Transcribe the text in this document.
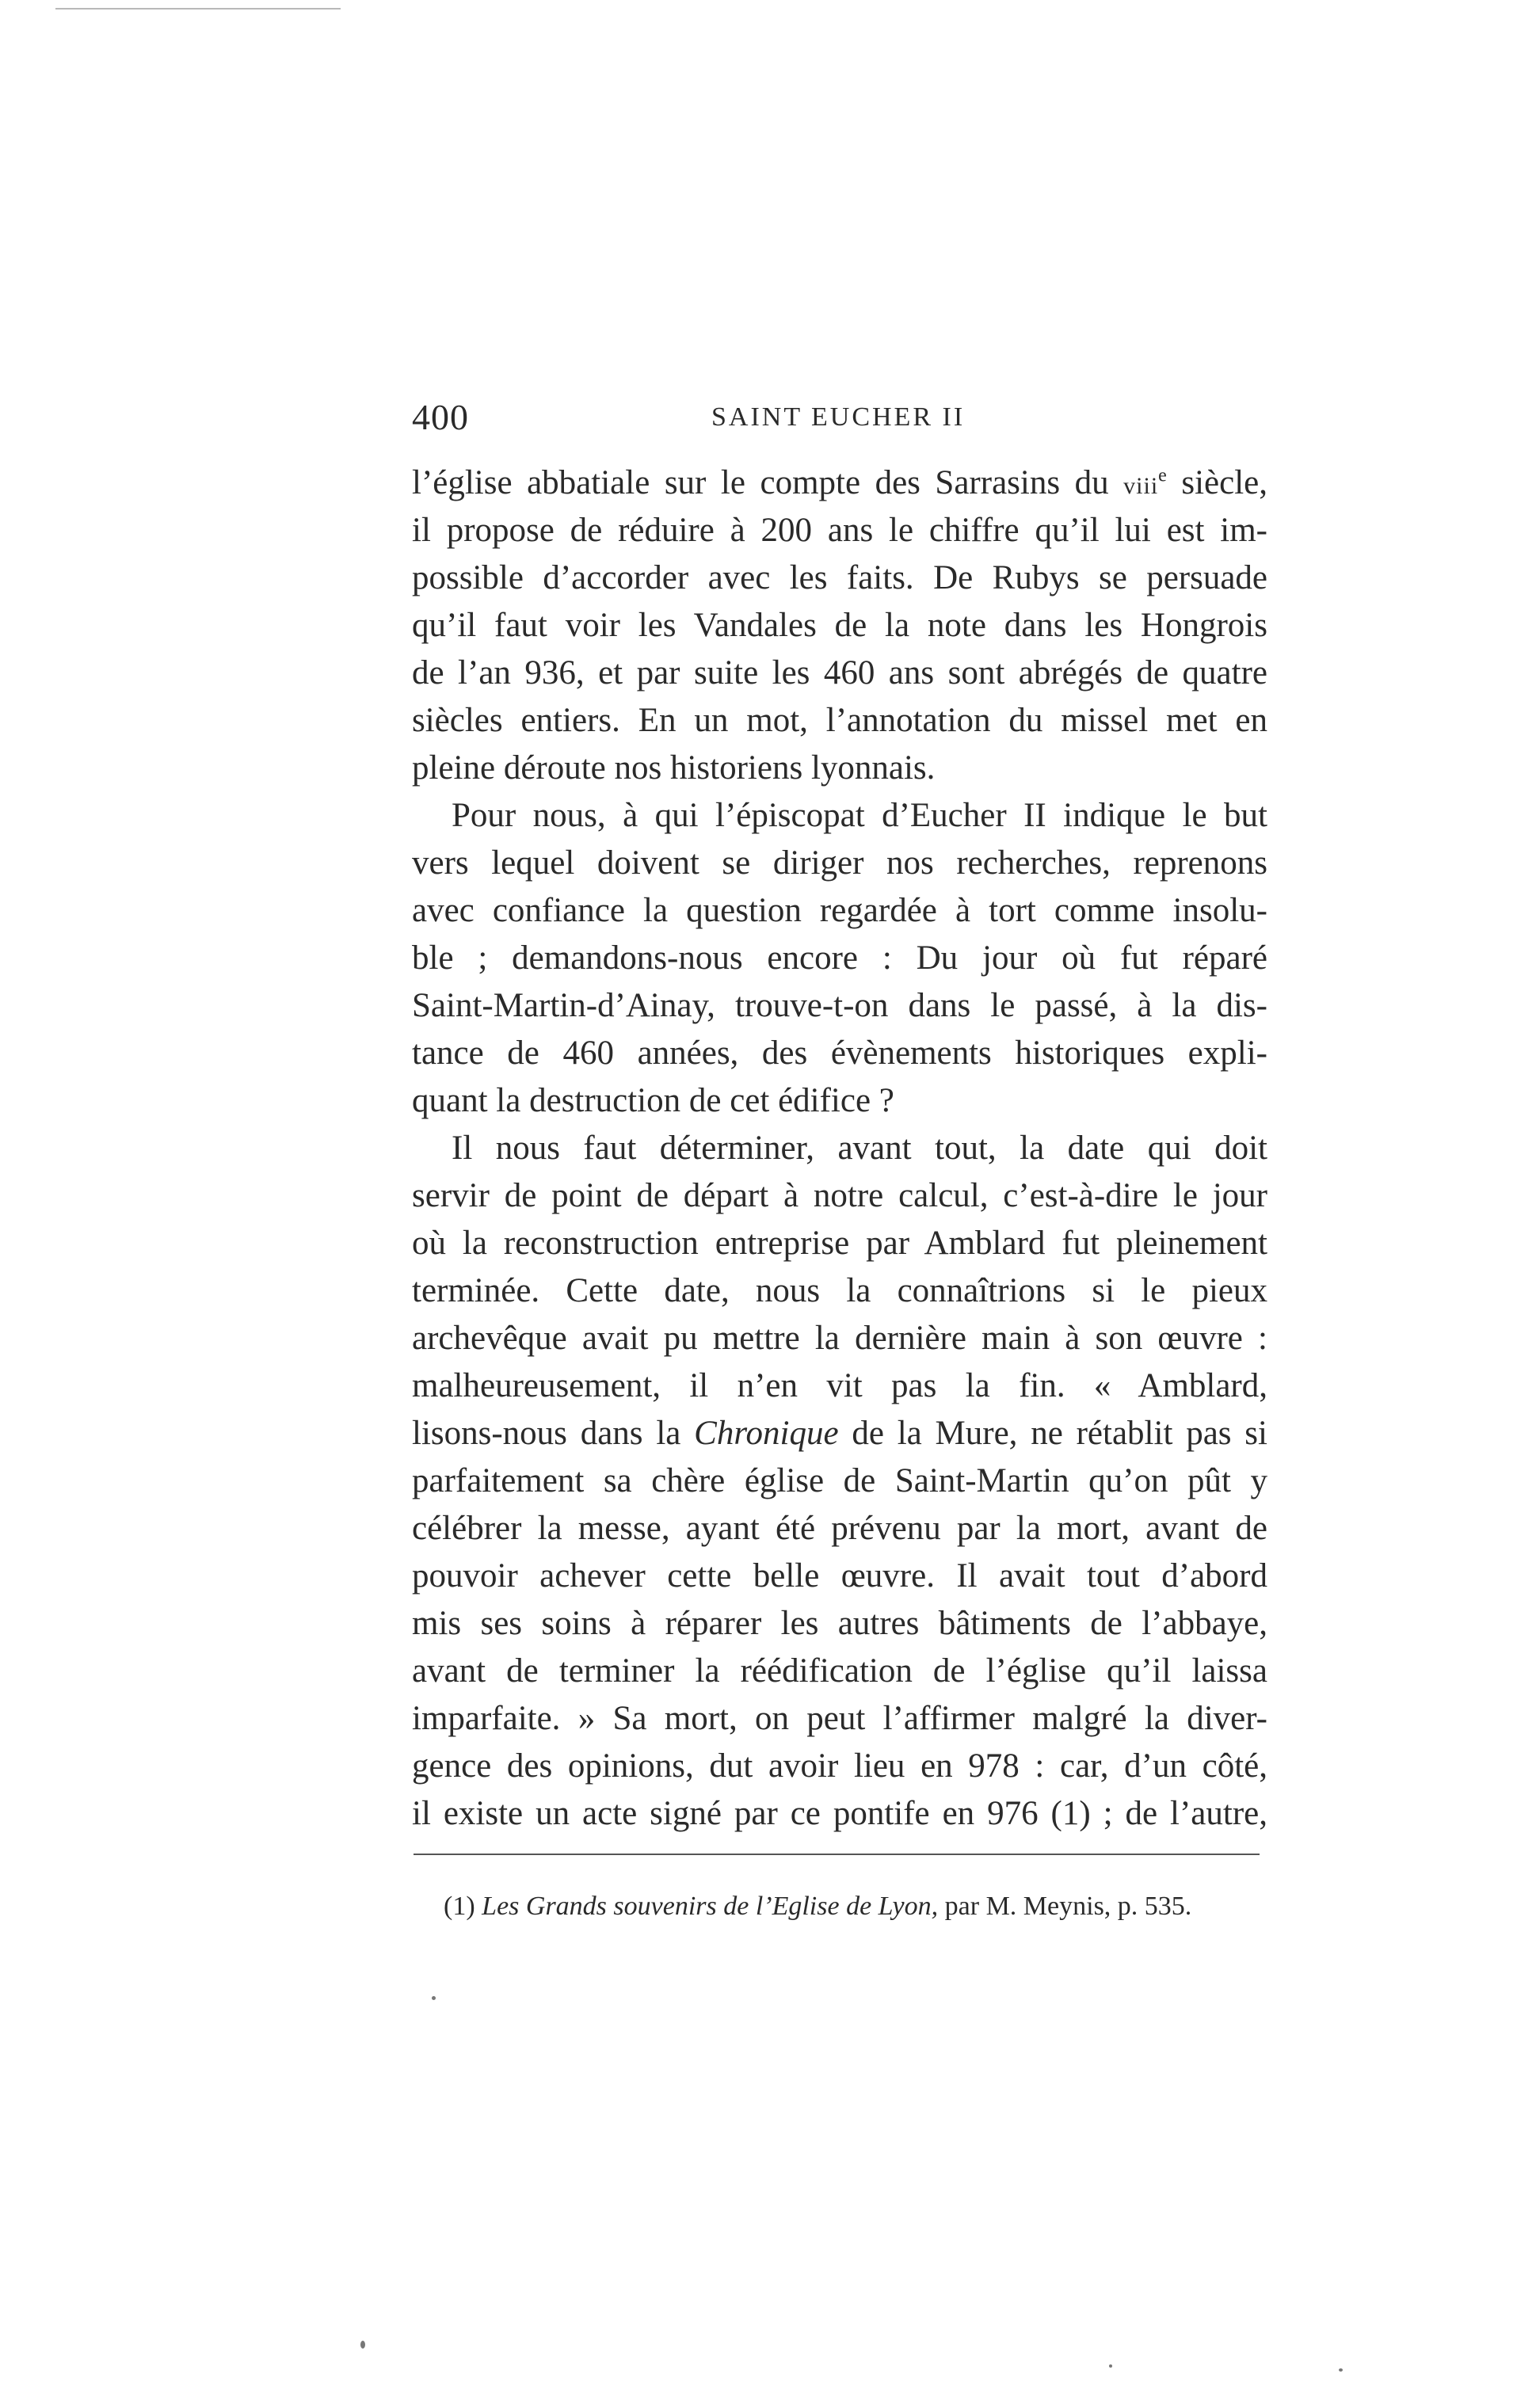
400	SAINT EUCHER II
l’église abbatiale sur le compte des Sarrasins du viii$^e$ siècle,
il propose de réduire à 200 ans le chiffre qu’il lui est im-
possible d’accorder avec les faits. De Rubys se persuade
qu’il faut voir les Vandales de la note dans les Hongrois
de l’an 936, et par suite les 460 ans sont abrégés de quatre
siècles entiers. En un mot, l’annotation du missel met en
pleine déroute nos historiens lyonnais.
Pour nous, à qui l’épiscopat d’Eucher II indique le but
vers lequel doivent se diriger nos recherches, reprenons
avec confiance la question regardée à tort comme insolu-
ble ; demandons-nous encore : Du jour où fut réparé
Saint-Martin-d’Ainay, trouve-t-on dans le passé, à la dis-
tance de 460 années, des évènements historiques expli-
quant la destruction de cet édifice ?
Il nous faut déterminer, avant tout, la date qui doit
servir de point de départ à notre calcul, c’est-à-dire le jour
où la reconstruction entreprise par Amblard fut pleinement
terminée. Cette date, nous la connaîtrions si le pieux
archevêque avait pu mettre la dernière main à son œuvre :
malheureusement, il n’en vit pas la fin. « Amblard,
lisons-nous dans la Chronique de la Mure, ne rétablit pas si
parfaitement sa chère église de Saint-Martin qu’on pût y
célébrer la messe, ayant été prévenu par la mort, avant de
pouvoir achever cette belle œuvre. Il avait tout d’abord
mis ses soins à réparer les autres bâtiments de l’abbaye,
avant de terminer la réédification de l’église qu’il laissa
imparfaite. » Sa mort, on peut l’affirmer malgré la diver-
gence des opinions, dut avoir lieu en 978 : car, d’un côté,
il existe un acte signé par ce pontife en 976 (1) ; de l’autre,
(1) Les Grands souvenirs de l’Eglise de Lyon, par M. Meynis, p. 535.
